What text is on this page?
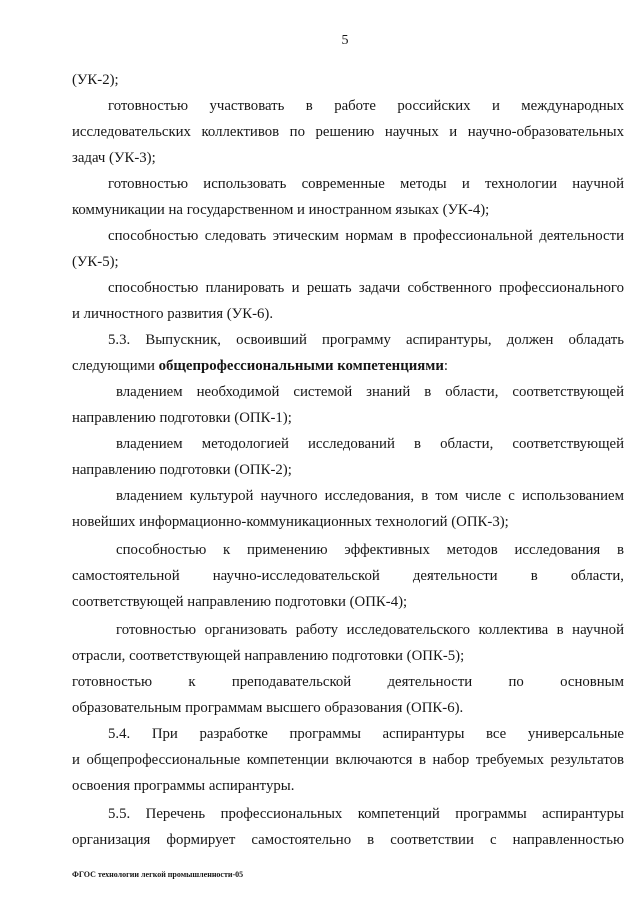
5
(УК-2);
готовностью участвовать в работе российских и международных
исследовательских коллективов по решению научных и научно-образовательных
задач (УК-3);
готовностью использовать современные методы и технологии научной
коммуникации на государственном и иностранном языках (УК-4);
способностью следовать этическим нормам в профессиональной деятельности
(УК-5);
способностью планировать и решать задачи собственного профессионального
и личностного развития (УК-6).
5.3. Выпускник, освоивший программу аспирантуры, должен обладать
следующими общепрофессиональными компетенциями:
владением необходимой системой знаний в области, соответствующей
направлению подготовки (ОПК-1);
владением методологией исследований в области, соответствующей
направлению подготовки (ОПК-2);
владением культурой научного исследования, в том числе с использованием
новейших информационно-коммуникационных технологий (ОПК-3);
способностью к применению эффективных методов исследования в
самостоятельной научно-исследовательской деятельности в области,
соответствующей направлению подготовки (ОПК-4);
готовностью организовать работу исследовательского коллектива в научной
отрасли, соответствующей направлению подготовки (ОПК-5);
готовностью к преподавательской деятельности по основным
образовательным программам высшего образования (ОПК-6).
5.4. При разработке программы аспирантуры все универсальные
и общепрофессиональные компетенции включаются в набор требуемых результатов
освоения программы аспирантуры.
5.5. Перечень профессиональных компетенций программы аспирантуры
организация формирует самостоятельно в соответствии с направленностью
ФГОС технологии легкой промышленности-05
